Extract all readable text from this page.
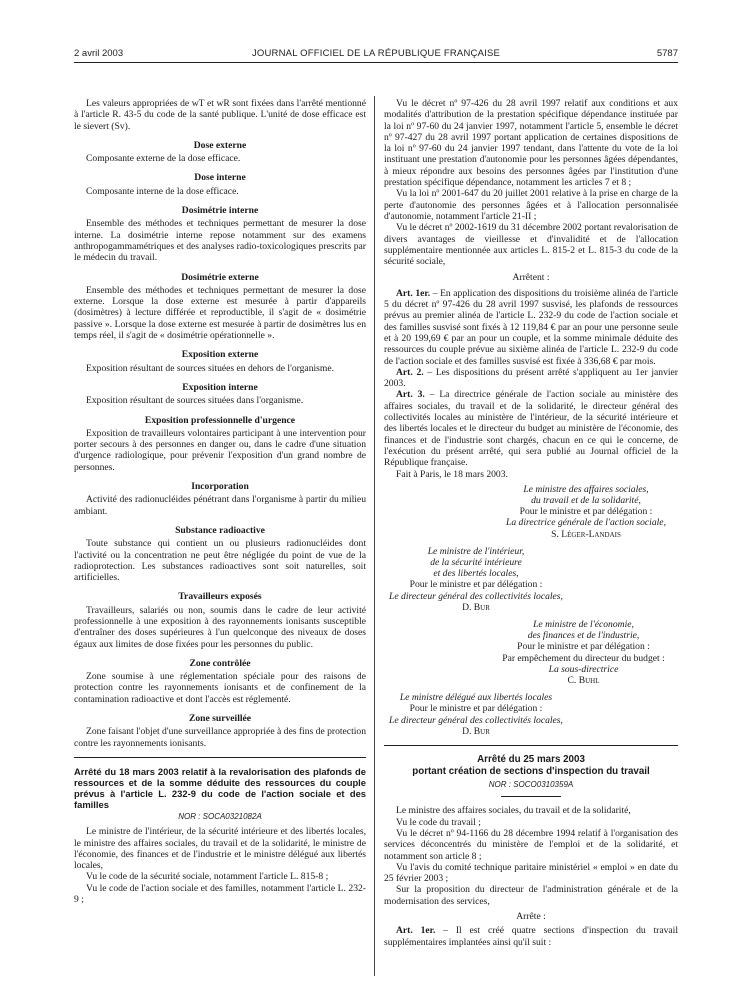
2 avril 2003	JOURNAL OFFICIEL DE LA RÉPUBLIQUE FRANÇAISE	5787

Les valeurs appropriées de wT et wR sont fixées dans l'arrêté mentionné à l'article R. 43-5 du code de la santé publique. L'unité de dose efficace est le sievert (Sv).

Dose externe

Composante externe de la dose efficace.

Dose interne

Composante interne de la dose efficace.

Dosimétrie interne

Ensemble des méthodes et techniques permettant de mesurer la dose interne. La dosimétrie interne repose notamment sur des examens anthropogammamétriques et des analyses radio-toxicologiques prescrits par le médecin du travail.

Dosimétrie externe

Ensemble des méthodes et techniques permettant de mesurer la dose externe. Lorsque la dose externe est mesurée à partir d'appareils (dosimètres) à lecture différée et reproductible, il s'agit de « dosimétrie passive ». Lorsque la dose externe est mesurée à partir de dosimètres lus en temps réel, il s'agit de « dosimétrie opérationnelle ».

Exposition externe

Exposition résultant de sources situées en dehors de l'organisme.

Exposition interne

Exposition résultant de sources situées dans l'organisme.

Exposition professionnelle d'urgence

Exposition de travailleurs volontaires participant à une intervention pour porter secours à des personnes en danger ou, dans le cadre d'une situation d'urgence radiologique, pour prévenir l'exposition d'un grand nombre de personnes.

Incorporation

Activité des radionucléides pénétrant dans l'organisme à partir du milieu ambiant.

Substance radioactive

Toute substance qui contient un ou plusieurs radionucléides dont l'activité ou la concentration ne peut être négligée du point de vue de la radioprotection. Les substances radioactives sont soit naturelles, soit artificielles.

Travailleurs exposés

Travailleurs, salariés ou non, soumis dans le cadre de leur activité professionnelle à une exposition à des rayonnements ionisants susceptible d'entraîner des doses supérieures à l'un quelconque des niveaux de doses égaux aux limites de dose fixées pour les personnes du public.

Zone contrôlée

Zone soumise à une réglementation spéciale pour des raisons de protection contre les rayonnements ionisants et de confinement de la contamination radioactive et dont l'accès est réglementé.

Zone surveillée

Zone faisant l'objet d'une surveillance appropriée à des fins de protection contre les rayonnements ionisants.

Arrêté du 18 mars 2003 relatif à la revalorisation des plafonds de ressources et de la somme déduite des ressources du couple prévus à l'article L. 232-9 du code de l'action sociale et des familles

NOR : SOCA0321082A

Le ministre de l'intérieur, de la sécurité intérieure et des libertés locales, le ministre des affaires sociales, du travail et de la solidarité, le ministre de l'économie, des finances et de l'industrie et le ministre délégué aux libertés locales,

Vu le code de la sécurité sociale, notamment l'article L. 815-8 ;

Vu le code de l'action sociale et des familles, notamment l'article L. 232-9 ;

Vu le décret nº 97-426 du 28 avril 1997 relatif aux conditions et aux modalités d'attribution de la prestation spécifique dépendance instituée par la loi nº 97-60 du 24 janvier 1997, notamment l'article 5, ensemble le décret nº 97-427 du 28 avril 1997 portant application de certaines dispositions de la loi nº 97-60 du 24 janvier 1997 tendant, dans l'attente du vote de la loi instituant une prestation d'autonomie pour les personnes âgées dépendantes, à mieux répondre aux besoins des personnes âgées par l'institution d'une prestation spécifique dépendance, notamment les articles 7 et 8 ;

Vu la loi nº 2001-647 du 20 juillet 2001 relative à la prise en charge de la perte d'autonomie des personnes âgées et à l'allocation personnalisée d'autonomie, notamment l'article 21-II ;

Vu le décret nº 2002-1619 du 31 décembre 2002 portant revalorisation de divers avantages de vieillesse et d'invalidité et de l'allocation supplémentaire mentionnée aux articles L. 815-2 et L. 815-3 du code de la sécurité sociale,

Arrêtent :

Art. 1er. – En application des dispositions du troisième alinéa de l'article 5 du décret nº 97-426 du 28 avril 1997 susvisé, les plafonds de ressources prévus au premier alinéa de l'article L. 232-9 du code de l'action sociale et des familles susvisé sont fixés à 12 119,84 € par an pour une personne seule et à 20 199,69 € par an pour un couple, et la somme minimale déduite des ressources du couple prévue au sixième alinéa de l'article L. 232-9 du code de l'action sociale et des familles susvisé est fixée à 336,68 € par mois.

Art. 2. – Les dispositions du présent arrêté s'appliquent au 1er janvier 2003.

Art. 3. – La directrice générale de l'action sociale au ministère des affaires sociales, du travail et de la solidarité, le directeur général des collectivités locales au ministère de l'intérieur, de la sécurité intérieure et des libertés locales et le directeur du budget au ministère de l'économie, des finances et de l'industrie sont chargés, chacun en ce qui le concerne, de l'exécution du présent arrêté, qui sera publié au Journal officiel de la République française.

Fait à Paris, le 18 mars 2003.

Le ministre des affaires sociales,
du travail et de la solidarité,
Pour le ministre et par délégation :
La directrice générale de l'action sociale,
S. Léger-Landais
Le ministre de l'intérieur,
de la sécurité intérieure
et des libertés locales,
Pour le ministre et par délégation :
Le directeur général des collectivités locales,
D. Bur
Le ministre de l'économie,
des finances et de l'industrie,
Pour le ministre et par délégation :
Par empêchement du directeur du budget :
La sous-directrice
C. Buhl
Le ministre délégué aux libertés locales
Pour le ministre et par délégation :
Le directeur général des collectivités locales,
D. Bur
Arrêté du 25 mars 2003
portant création de sections d'inspection du travail
NOR : SOCO0310359A

Le ministre des affaires sociales, du travail et de la solidarité,

Vu le code du travail ;

Vu le décret nº 94-1166 du 28 décembre 1994 relatif à l'organisation des services déconcentrés du ministère de l'emploi et de la solidarité, et notamment son article 8 ;

Vu l'avis du comité technique paritaire ministériel « emploi » en date du 25 février 2003 ;

Sur la proposition du directeur de l'administration générale et de la modernisation des services,

Arrête :

Art. 1er. – Il est créé quatre sections d'inspection du travail supplémentaires implantées ainsi qu'il suit :
